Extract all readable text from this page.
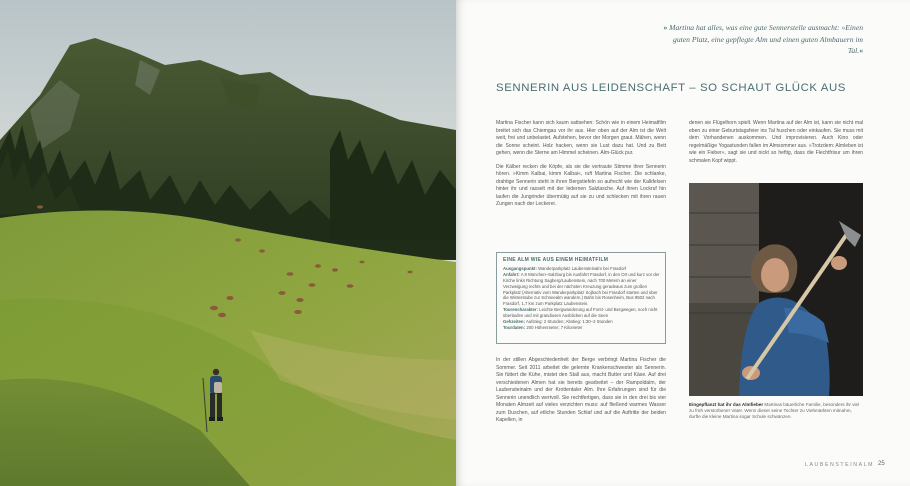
» Martina hat alles, was eine gute Sennerstelle ausmacht: »Einen guten Platz, eine gepflegte Alm und einen guten Almbauern im Tal.«
SENNERIN AUS LEIDENSCHAFT – SO SCHAUT GLÜCK AUS

Martina Fischer kann sich kaum sattsehen: Schön wie in einem Heimatfilm breitet sich das Chiemgau vor ihr aus. Hier oben auf der Alm ist die Welt weit, frei und unbelastet. Aufstehen, bevor der Morgen graut. Mähen, wenn die Sonne scheint. Holz hacken, wenn sie Lust dazu hat. Und zu Bett gehen, wenn die Sterne am Himmel scheinen. Alm-Glück pur.

Die Kälber recken die Köpfe, als sie die vertraute Stimme ihrer Sennerin hören. »Kimm Kalbai, kimm Kalbai«, ruft Martina Fischer. Die schlanke, drahtige Sennerin steht in ihren Bergstiefeln so aufrecht wie der Kalkfelsen hinter ihr und rasselt mit der ledernen Salzlasche. Auf ihren Lockruf hin laufen die Jungrinder übermütig auf sie zu und schlecken mit ihren rauen Zungen nach der Leckerei.

EINE ALM WIE AUS EINEM HEIMATFILM
Ausgangspunkt: Wanderparkplatz Laubensteinalm bei Frasdorf
Anfahrt: A 8 München–Salzburg bis Ausfahrt Frasdorf, in den Ort und kurz vor der Kirche links Richtung Sagberg/Laubenstein, nach 700 Metern an einer Verzweigung rechts und bei der nächsten Kreuzung geradeaus zum großen Parkplatz (Alternativ vom Wanderparkplatz Sojbach bei Frasdorf starten und über die Winterstube zur Schneealm wandern.) Bahn bis Rosenheim, Bus 9502 nach Frasdorf, 1,7 km zum Parkplatz Laubenstein.
Tourencharakter: Leichte Bergwanderung auf Forst- und Bergwegen, noch nicht überlaufen und mit grandiosen Ausblicken auf die Seen
Gehzeiten: Aufstieg: 2 Stunden; Abstieg: 1:30–2 Stunden
Tourdaten: 200 Höhenmeter; 7 Kilometer

In der stillen Abgeschiedenheit der Berge verbringt Martina Fischer die Sommer. Seit 2011 arbeitet die gelernte Krankenschwester als Sennerin. Sie füttert die Kühe, mistet den Stall aus, macht Butter und Käse. Auf drei verschiedenen Almen hat sie bereits gearbeitet – der Rampoldalm, der Laubensteinalm und der Krottentaler Alm. Ihre Erfahrungen sind für die Sennerin unendlich wertvoll. Sie rechtfertigen, dass sie in den drei bis vier Monaten Almzeit auf vieles verzichten muss: auf fließend warmes Wasser zum Duschen, auf etliche Stunden Schlaf und auf die Auftritte der beiden Kapellen, in

denen sie Flügelhorn spielt. Wenn Martina auf der Alm ist, kann sie nicht mal eben zu einer Geburtstagsfeier ins Tal huschen oder einkaufen. Sie muss mit dem Vorhandenen auskommen. Und improvisieren. Auch Kino oder regelmäßige Yogastunden fallen im Almsommer aus. »Trotzdem: Almleben ist wie ein Fieber«, sagt sie und nickt so heftig, dass die Flechtfrisur um ihren schmalen Kopf wippt.

Eingepflanzt hat ihr das Almfieber Martinas bäuerliche Familie, besonders ihr viel zu früh verstorbener Vater. Wenn dieser seine Tochter zu Viehmärkten mitnahm, durfte die kleine Martina sogar Schule schwänzen.
LAUBENSTEINALM 25
